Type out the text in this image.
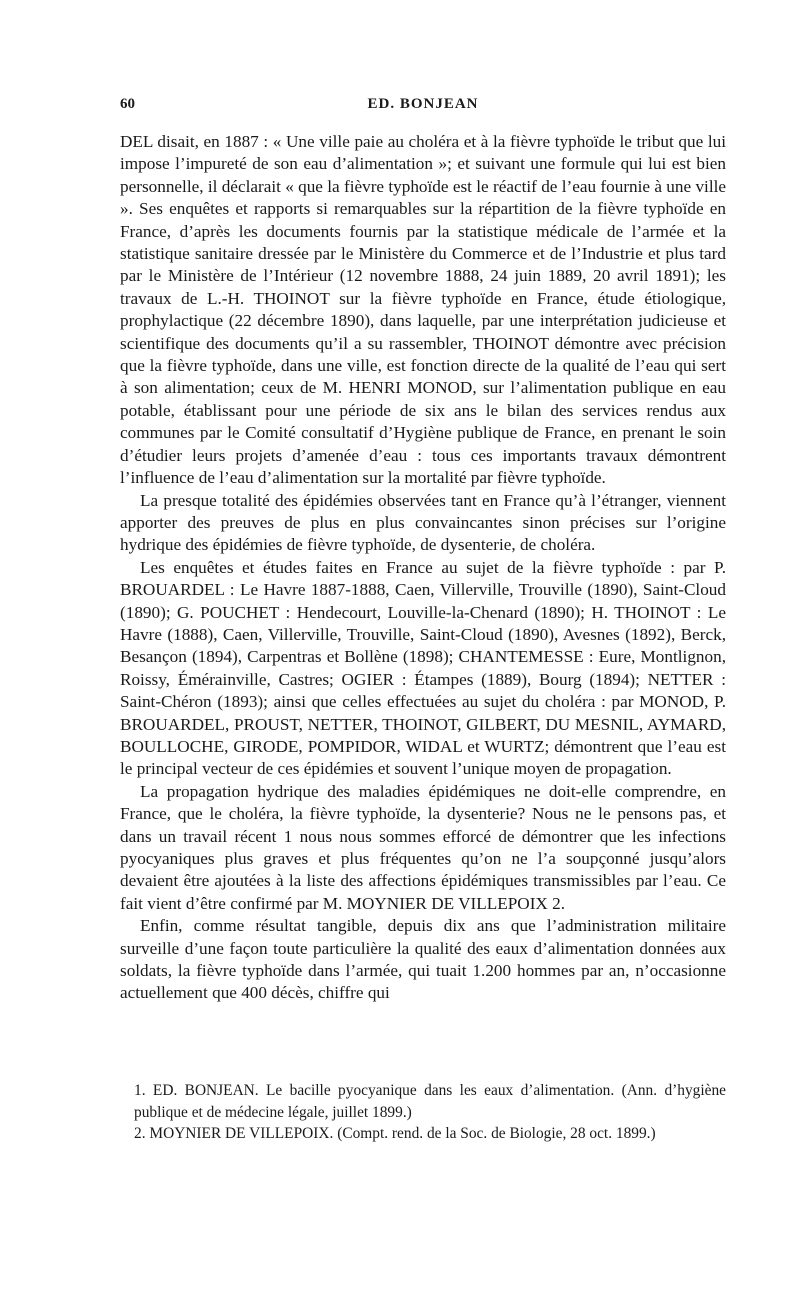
60	ED. BONJEAN

DEL disait, en 1887 : « Une ville paie au choléra et à la fièvre typhoïde le tribut que lui impose l’impureté de son eau d’alimentation »; et suivant une formule qui lui est bien personnelle, il déclarait « que la fièvre typhoïde est le réactif de l’eau fournie à une ville ». Ses enquêtes et rapports si remarquables sur la répartition de la fièvre typhoïde en France, d’après les documents fournis par la statistique médicale de l’armée et la statistique sanitaire dressée par le Ministère du Commerce et de l’Industrie et plus tard par le Ministère de l’Intérieur (12 novembre 1888, 24 juin 1889, 20 avril 1891); les travaux de L.-H. THOINOT sur la fièvre typhoïde en France, étude étiologique, prophylactique (22 décembre 1890), dans laquelle, par une interprétation judicieuse et scientifique des documents qu’il a su rassembler, THOINOT démontre avec précision que la fièvre typhoïde, dans une ville, est fonction directe de la qualité de l’eau qui sert à son alimentation; ceux de M. HENRI MONOD, sur l’alimentation publique en eau potable, établissant pour une période de six ans le bilan des services rendus aux communes par le Comité consultatif d’Hygiène publique de France, en prenant le soin d’étudier leurs projets d’amenée d’eau : tous ces importants travaux démontrent l’influence de l’eau d’alimentation sur la mortalité par fièvre typhoïde.

La presque totalité des épidémies observées tant en France qu’à l’étranger, viennent apporter des preuves de plus en plus convaincantes sinon précises sur l’origine hydrique des épidémies de fièvre typhoïde, de dysenterie, de choléra.

Les enquêtes et études faites en France au sujet de la fièvre typhoïde : par P. BROUARDEL : Le Havre 1887-1888, Caen, Villerville, Trouville (1890), Saint-Cloud (1890); G. POUCHET : Hendecourt, Louville-la-Chenard (1890); H. THOINOT : Le Havre (1888), Caen, Villerville, Trouville, Saint-Cloud (1890), Avesnes (1892), Berck, Besançon (1894), Carpentras et Bollène (1898); CHANTEMESSE : Eure, Montlignon, Roissy, Émérainville, Castres; OGIER : Étampes (1889), Bourg (1894); NETTER : Saint-Chéron (1893); ainsi que celles effectuées au sujet du choléra : par MONOD, P. BROUARDEL, PROUST, NETTER, THOINOT, GILBERT, DU MESNIL, AYMARD, BOULLOCHE, GIRODE, POMPIDOR, WIDAL et WURTZ; démontrent que l’eau est le principal vecteur de ces épidémies et souvent l’unique moyen de propagation.

La propagation hydrique des maladies épidémiques ne doit-elle comprendre, en France, que le choléra, la fièvre typhoïde, la dysenterie? Nous ne le pensons pas, et dans un travail récent 1 nous nous sommes efforcé de démontrer que les infections pyocyaniques plus graves et plus fréquentes qu’on ne l’a soupçonné jusqu’alors devaient être ajoutées à la liste des affections épidémiques transmissibles par l’eau. Ce fait vient d’être confirmé par M. MOYNIER DE VILLEPOIX 2.

Enfin, comme résultat tangible, depuis dix ans que l’administration militaire surveille d’une façon toute particulière la qualité des eaux d’alimentation données aux soldats, la fièvre typhoïde dans l’armée, qui tuait 1.200 hommes par an, n’occasionne actuellement que 400 décès, chiffre qui

1. ED. BONJEAN. Le bacille pyocyanique dans les eaux d’alimentation. (Ann. d’hygiène publique et de médecine légale, juillet 1899.)

2. MOYNIER DE VILLEPOIX. (Compt. rend. de la Soc. de Biologie, 28 oct. 1899.)
